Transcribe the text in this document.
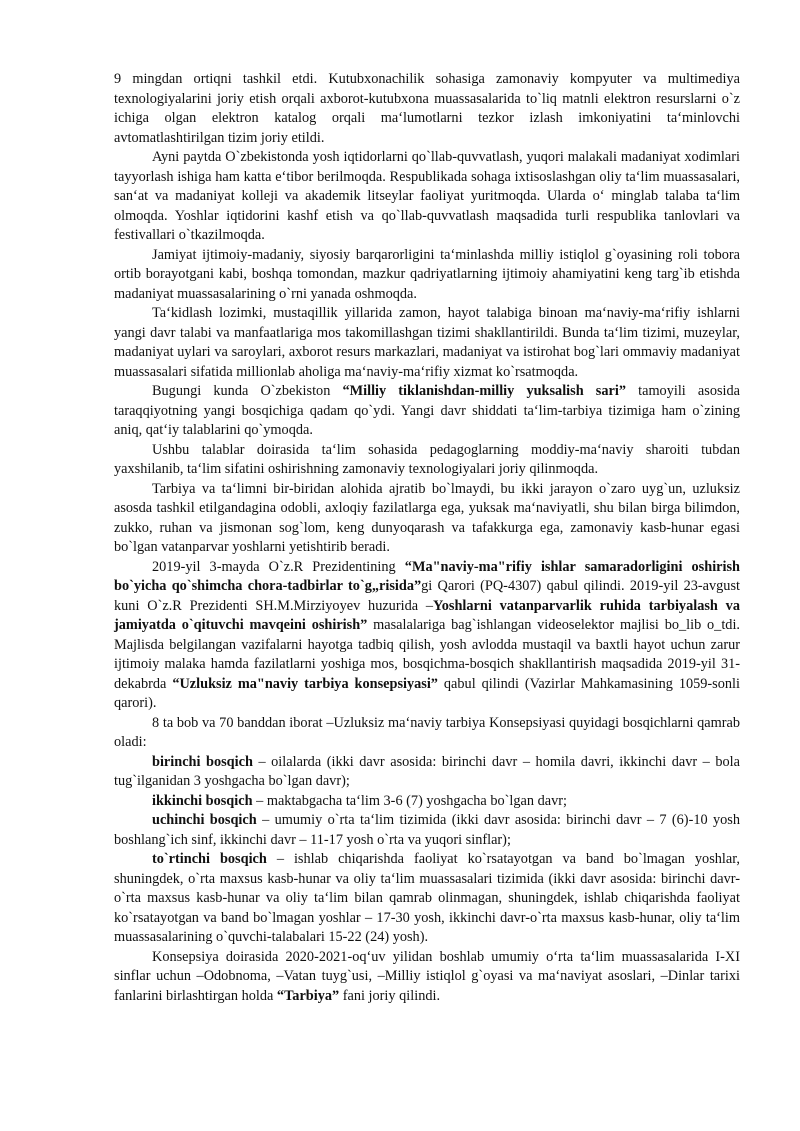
9 mingdan ortiqni tashkil etdi. Kutubxonachilik sohasiga zamonaviy kompyuter va multimediya texnologiyalarini joriy etish orqali axborot-kutubxona muassasalarida to`liq matnli elektron resurslarni o`z ichiga olgan elektron katalog orqali ma‘lumotlarni tezkor izlash imkoniyatini ta‘minlovchi avtomatlashtirilgan tizim joriy etildi.

Ayni paytda O`zbekistonda yosh iqtidorlarni qo`llab-quvvatlash, yuqori malakali madaniyat xodimlari tayyorlash ishiga ham katta e‘tibor berilmoqda. Respublikada sohaga ixtisoslashgan oliy ta‘lim muassasalari, san‘at va madaniyat kolleji va akademik litseylar faoliyat yuritmoqda. Ularda o‘ minglab talaba ta‘lim olmoqda. Yoshlar iqtidorini kashf etish va qo`llab-quvvatlash maqsadida turli respublika tanlovlari va festivallari o`tkazilmoqda.

Jamiyat ijtimoiy-madaniy, siyosiy barqarorligini ta‘minlashda milliy istiqlol g`oyasining roli tobora ortib borayotgani kabi, boshqa tomondan, mazkur qadriyatlarning ijtimoiy ahamiyatini keng targ`ib etishda madaniyat muassasalarining o`rni yanada oshmoqda.

Ta‘kidlash lozimki, mustaqillik yillarida zamon, hayot talabiga binoan ma‘naviy-ma‘rifiy ishlarni yangi davr talabi va manfaatlariga mos takomillashgan tizimi shakllantirildi. Bunda ta‘lim tizimi, muzeylar, madaniyat uylari va saroylari, axborot resurs markazlari, madaniyat va istirohat bog`lari ommaviy madaniyat muassasalari sifatida millionlab aholiga ma‘naviy-ma‘rifiy xizmat ko`rsatmoqda.

Bugungi kunda O`zbekiston “Milliy tiklanishdan-milliy yuksalish sari” tamoyili asosida taraqqiyotning yangi bosqichiga qadam qo`ydi. Yangi davr shiddati ta‘lim-tarbiya tizimiga ham o`zining aniq, qat‘iy talablarini qo`ymoqda.

Ushbu talablar doirasida ta‘lim sohasida pedagoglarning moddiy-ma‘naviy sharoiti tubdan yaxshilanib, ta‘lim sifatini oshirishning zamonaviy texnologiyalari joriy qilinmoqda.

Tarbiya va ta‘limni bir-biridan alohida ajratib bo`lmaydi, bu ikki jarayon o`zaro uyg`un, uzluksiz asosda tashkil etilgandagina odobli, axloqiy fazilatlarga ega, yuksak ma‘naviyatli, shu bilan birga bilimdon, zukko, ruhan va jismonan sog`lom, keng dunyoqarash va tafakkurga ega, zamonaviy kasb-hunar egasi bo`lgan vatanparvar yoshlarni yetishtirib beradi.

2019-yil 3-mayda O`z.R Prezidentining “Ma"naviy-ma"rifiy ishlar samaradorligini oshirish bo`yicha qo`shimcha chora-tadbirlar to`g„risida”gi Qarori (PQ-4307) qabul qilindi. 2019-yil 23-avgust kuni O`z.R Prezidenti SH.M.Mirziyoyev huzurida –Yoshlarni vatanparvarlik ruhida tarbiyalash va jamiyatda o`qituvchi mavqeini oshirish” masalalariga bag`ishlangan videoselektor majlisi bo_lib o_tdi. Majlisda belgilangan vazifalarni hayotga tadbiq qilish, yosh avlodda mustaqil va baxtli hayot uchun zarur ijtimoiy malaka hamda fazilatlarni yoshiga mos, bosqichma-bosqich shakllantirish maqsadida 2019-yil 31-dekabrda “Uzluksiz ma"naviy tarbiya konsepsiyasi” qabul qilindi (Vazirlar Mahkamasining 1059-sonli qarori).

8 ta bob va 70 banddan iborat –Uzluksiz ma‘naviy tarbiya Konsepsiyasi quyidagi bosqichlarni qamrab oladi:

birinchi bosqich – oilalarda (ikki davr asosida: birinchi davr – homila davri, ikkinchi davr – bola tug`ilganidan 3 yoshgacha bo`lgan davr);

ikkinchi bosqich – maktabgacha ta‘lim 3-6 (7) yoshgacha bo`lgan davr;

uchinchi bosqich – umumiy o`rta ta‘lim tizimida (ikki davr asosida: birinchi davr – 7 (6)-10 yosh boshlang`ich sinf, ikkinchi davr – 11-17 yosh o`rta va yuqori sinflar);

to`rtinchi bosqich – ishlab chiqarishda faoliyat ko`rsatayotgan va band bo`lmagan yoshlar, shuningdek, o`rta maxsus kasb-hunar va oliy ta‘lim muassasalari tizimida (ikki davr asosida: birinchi davr-o`rta maxsus kasb-hunar va oliy ta‘lim bilan qamrab olinmagan, shuningdek, ishlab chiqarishda faoliyat ko`rsatayotgan va band bo`lmagan yoshlar – 17-30 yosh, ikkinchi davr-o`rta maxsus kasb-hunar, oliy ta‘lim muassasalarining o`quvchi-talabalari 15-22 (24) yosh).

Konsepsiya doirasida 2020-2021-oq‘uv yilidan boshlab umumiy o‘rta ta‘lim muassasalarida I-XI sinflar uchun –Odobnoma, –Vatan tuyg`usi, –Milliy istiqlol g`oyasi va ma‘naviyat asoslari, –Dinlar tarixi fanlarini birlashtirgan holda “Tarbiya” fani joriy qilindi.
